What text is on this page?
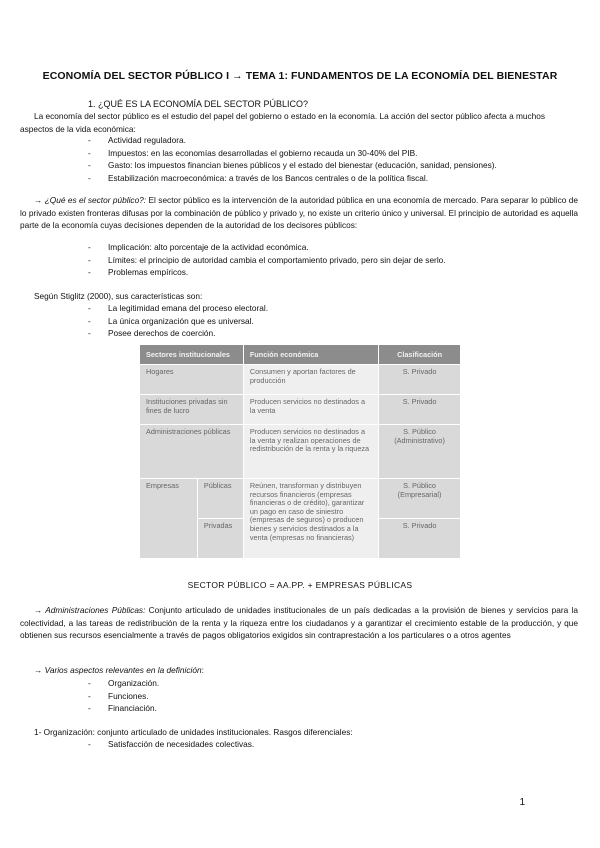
ECONOMÍA DEL SECTOR PÚBLICO I → TEMA 1: FUNDAMENTOS DE LA ECONOMÍA DEL BIENESTAR
1. ¿QUÉ ES LA ECONOMÍA DEL SECTOR PÚBLICO?
La economía del sector público es el estudio del papel del gobierno o estado en la economía. La acción del sector público afecta a muchos aspectos de la vida económica:
- Actividad reguladora.
- Impuestos: en las economías desarrolladas el gobierno recauda un 30-40% del PIB.
- Gasto: los impuestos financian bienes públicos y el estado del bienestar (educación, sanidad, pensiones).
- Estabilización macroeconómica: a través de los Bancos centrales o de la política fiscal.
→ ¿Qué es el sector público?: El sector público es la intervención de la autoridad pública en una economía de mercado. Para separar lo público de lo privado existen fronteras difusas por la combinación de público y privado y, no existe un criterio único y universal. El principio de autoridad es aquella parte de la economía cuyas decisiones dependen de la autoridad de los decisores públicos:
- Implicación: alto porcentaje de la actividad económica.
- Límites: el principio de autoridad cambia el comportamiento privado, pero sin dejar de serlo.
- Problemas empíricos.
Según Stiglitz (2000), sus características son:
- La legitimidad emana del proceso electoral.
- La única organización que es universal.
- Posee derechos de coerción.
Sectores institucionales		Función económica	Clasificación
Hogares		Consumen y aportan factores de producción	S. Privado
Instituciones privadas sin fines de lucro		Producen servicios no destinados a la venta	S. Privado
Administraciones públicas		Producen servicios no destinados a la venta y realizan operaciones de redistribución de la renta y la riqueza	S. Público (Administrativo)
Empresas	Públicas	Reúnen, transforman y distribuyen recursos financieros (empresas financieras o de crédito), garantizar un pago en caso de siniestro (empresas de seguros) o producen bienes y servicios destinados a la venta (empresas no financieras)	S. Público (Empresarial)
	Privadas		S. Privado
SECTOR PÚBLICO = AA.PP. + EMPRESAS PÚBLICAS
→ Administraciones Públicas: Conjunto articulado de unidades institucionales de un país dedicadas a la provisión de bienes y servicios para la colectividad, a las tareas de redistribución de la renta y la riqueza entre los ciudadanos y a garantizar el crecimiento estable de la producción, y que obtienen sus recursos esencialmente a través de pagos obligatorios exigidos sin contraprestación a los particulares o a otros agentes
→ Varios aspectos relevantes en la definición:
- Organización.
- Funciones.
- Financiación.
1- Organización: conjunto articulado de unidades institucionales. Rasgos diferenciales:
- Satisfacción de necesidades colectivas.
1
